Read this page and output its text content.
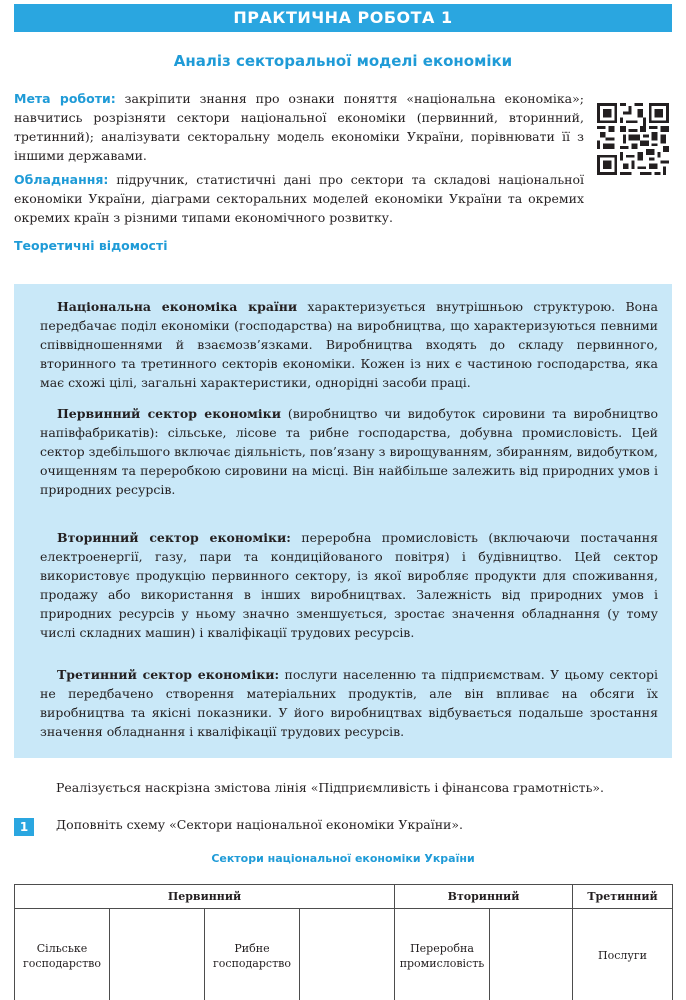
ПРАКТИЧНА РОБОТА 1
Аналіз секторальної моделі економіки
Мета роботи: закріпити знання про ознаки поняття «національна економіка»; навчитись розрізняти сектори національної економіки (первинний, вторинний, третинний); аналізувати секторальну модель економіки України, порівнювати її з іншими державами.
Обладнання: підручник, статистичні дані про сектори та складові національної економіки України, діаграми секторальних моделей економіки України та окремих окремих країн з різними типами економічного розвитку.
Теоретичні відомості
Національна економіка країни характеризується внутрішньою структурою. Вона передбачає поділ економіки (господарства) на виробництва, що характеризуються певними співвідношеннями й взаємозв’язками. Виробництва входять до складу первинного, вторинного та третинного секторів економіки. Кожен із них є частиною господарства, яка має схожі цілі, загальні характеристики, однорідні засоби праці.
Первинний сектор економіки (виробництво чи видобуток сировини та виробництво напівфабрикатів): сільське, лісове та рибне господарства, добувна промисловість. Цей сектор здебільшого включає діяльність, пов’язану з вирощуванням, збиранням, видобутком, очищенням та переробкою сировини на місці. Він найбільше залежить від природних умов і природних ресурсів.
Вторинний сектор економіки: переробна промисловість (включаючи постачання електроенергії, газу, пари та кондиційованого повітря) і будівництво. Цей сектор використовує продукцію первинного сектору, із якої виробляє продукти для споживання, продажу або використання в інших виробництвах. Залежність від природних умов і природних ресурсів у ньому значно зменшується, зростає значення обладнання (у тому числі складних машин) і кваліфікації трудових ресурсів.
Третинний сектор економіки: послуги населенню та підприємствам. У цьому секторі не передбачено створення матеріальних продуктів, але він впливає на обсяги їх виробництва та якісні показники. У його виробництвах відбувається подальше зростання значення обладнання і кваліфікації трудових ресурсів.
Реалізується наскрізна змістова лінія «Підприємливість і фінансова грамотність».
1	Доповніть схему «Сектори національної економіки України».
Сектори національної економіки України
Первинний				Вторинний		Третинний
Сільське господарство		Рибне господарство		Переробна промисловість		Послуги
